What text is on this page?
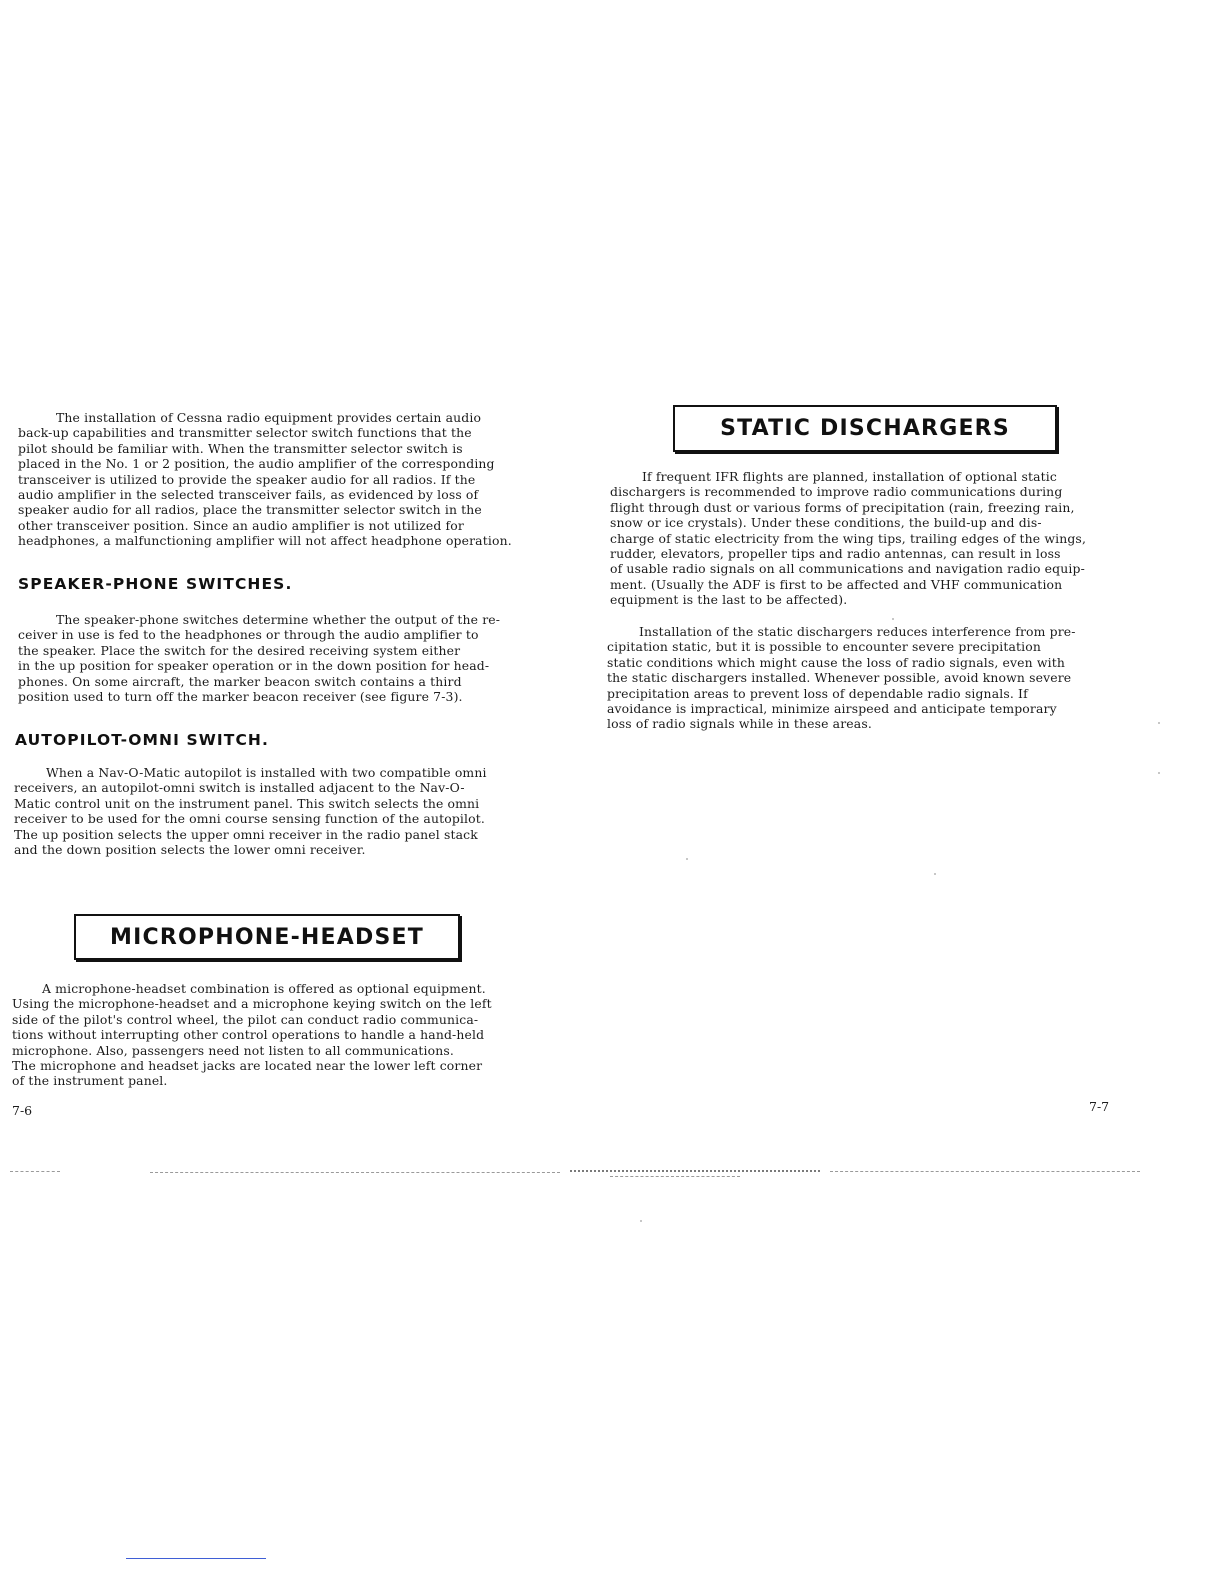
The installation of Cessna radio equipment provides certain audio
back-up capabilities and transmitter selector switch functions that the
pilot should be familiar with. When the transmitter selector switch is
placed in the No. 1 or 2 position, the audio amplifier of the corresponding
transceiver is utilized to provide the speaker audio for all radios. If the
audio amplifier in the selected transceiver fails, as evidenced by loss of
speaker audio for all radios, place the transmitter selector switch in the
other transceiver position. Since an audio amplifier is not utilized for
headphones, a malfunctioning amplifier will not affect headphone operation.

SPEAKER-PHONE SWITCHES.

The speaker-phone switches determine whether the output of the re-
ceiver in use is fed to the headphones or through the audio amplifier to
the speaker. Place the switch for the desired receiving system either
in the up position for speaker operation or in the down position for head-
phones. On some aircraft, the marker beacon switch contains a third
position used to turn off the marker beacon receiver (see figure 7-3).

AUTOPILOT-OMNI SWITCH.

When a Nav-O-Matic autopilot is installed with two compatible omni
receivers, an autopilot-omni switch is installed adjacent to the Nav-O-
Matic control unit on the instrument panel. This switch selects the omni
receiver to be used for the omni course sensing function of the autopilot.
The up position selects the upper omni receiver in the radio panel stack
and the down position selects the lower omni receiver.

MICROPHONE-HEADSET

A microphone-headset combination is offered as optional equipment.
Using the microphone-headset and a microphone keying switch on the left
side of the pilot's control wheel, the pilot can conduct radio communica-
tions without interrupting other control operations to handle a hand-held
microphone. Also, passengers need not listen to all communications.
The microphone and headset jacks are located near the lower left corner
of the instrument panel.

7-6

STATIC DISCHARGERS

If frequent IFR flights are planned, installation of optional static
dischargers is recommended to improve radio communications during
flight through dust or various forms of precipitation (rain, freezing rain,
snow or ice crystals). Under these conditions, the build-up and dis-
charge of static electricity from the wing tips, trailing edges of the wings,
rudder, elevators, propeller tips and radio antennas, can result in loss
of usable radio signals on all communications and navigation radio equip-
ment. (Usually the ADF is first to be affected and VHF communication
equipment is the last to be affected).

Installation of the static dischargers reduces interference from pre-
cipitation static, but it is possible to encounter severe precipitation
static conditions which might cause the loss of radio signals, even with
the static dischargers installed. Whenever possible, avoid known severe
precipitation areas to prevent loss of dependable radio signals. If
avoidance is impractical, minimize airspeed and anticipate temporary
loss of radio signals while in these areas.

7-7
